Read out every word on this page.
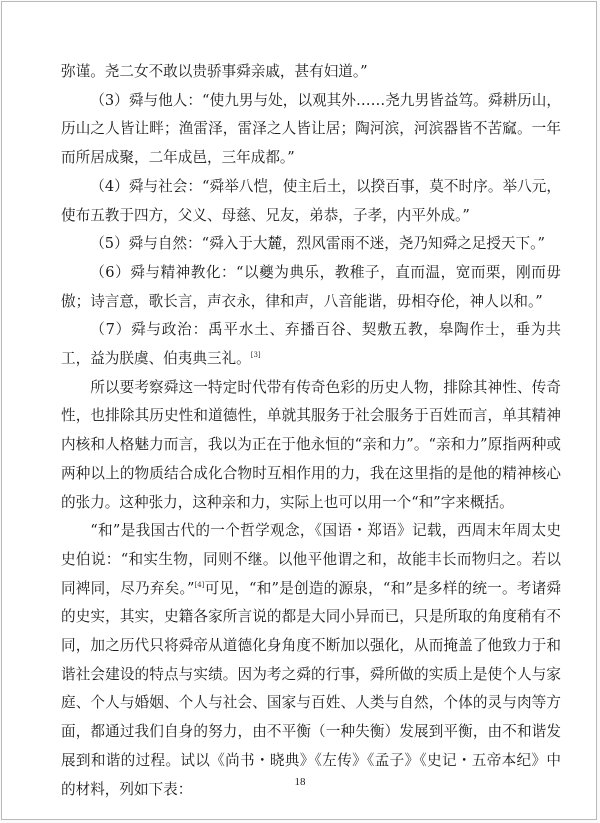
弥谨。尧二女不敢以贵骄事舜亲戚，甚有妇道。”

（3）舜与他人：“使九男与处，以观其外……尧九男皆益笃。舜耕历山，历山之人皆让畔；渔雷泽，雷泽之人皆让居；陶河滨，河滨器皆不苦窳。一年而所居成聚，二年成邑，三年成都。”

（4）舜与社会：“舜举八恺，使主后土，以揆百事，莫不时序。举八元，使布五教于四方，父义、母慈、兄友，弟恭，子孝，内平外成。”

（5）舜与自然：“舜入于大麓，烈风雷雨不迷，尧乃知舜之足授天下。”

（6）舜与精神教化：“以夔为典乐，教稚子，直而温，宽而栗，刚而毋傲；诗言意，歌长言，声衣永，律和声，八音能谐，毋相夺伦，神人以和。”

（7）舜与政治：禹平水土、弃播百谷、契敷五教，皋陶作士，垂为共工，益为朕虞、伯夷典三礼。[3]

所以要考察舜这一特定时代带有传奇色彩的历史人物，排除其神性、传奇性，也排除其历史性和道德性，单就其服务于社会服务于百姓而言，单其精神内核和人格魅力而言，我以为正在于他永恒的“亲和力”。“亲和力”原指两种或两种以上的物质结合成化合物时互相作用的力，我在这里指的是他的精神核心的张力。这种张力，这种亲和力，实际上也可以用一个“和”字来概括。

“和”是我国古代的一个哲学观念，《国语・郑语》记载，西周末年周太史史伯说：“和实生物，同则不继。以他平他谓之和，故能丰长而物归之。若以同裨同，尽乃弃矣。”[4]可见，“和”是创造的源泉，“和”是多样的统一。考诸舜的史实，其实，史籍各家所言说的都是大同小异而已，只是所取的角度稍有不同，加之历代只将舜帝从道德化身角度不断加以强化，从而掩盖了他致力于和谐社会建设的特点与实绩。因为考之舜的行事，舜所做的实质上是使个人与家庭、个人与婚姻、个人与社会、国家与百姓、人类与自然，个体的灵与肉等方面，都通过我们自身的努力，由不平衡（一种失衡）发展到平衡，由不和谐发展到和谐的过程。试以《尚书・晓典》《左传》《孟子》《史记・五帝本纪》中的材料，列如下表：	18
